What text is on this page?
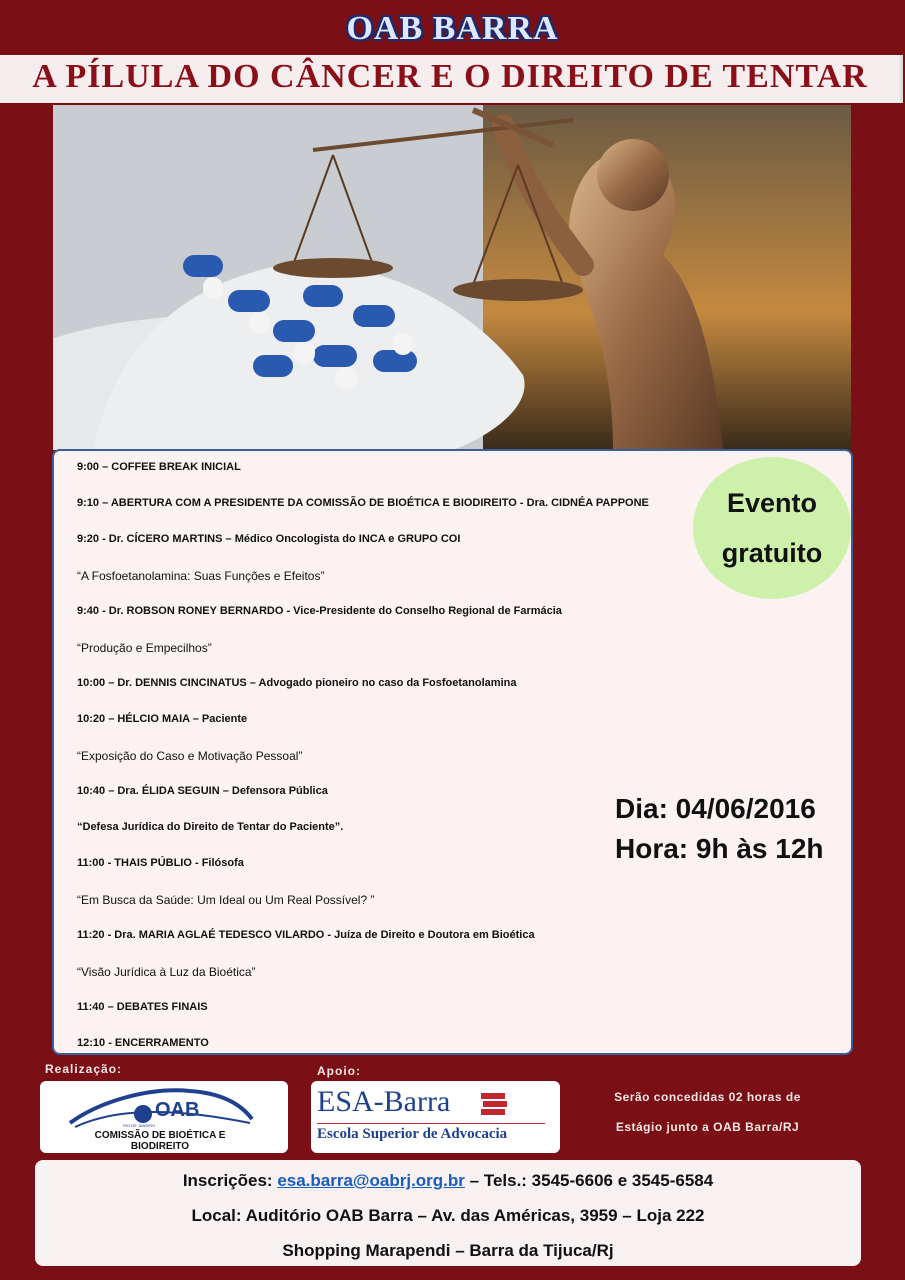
OAB BARRA
A PÍLULA DO CÂNCER E O DIREITO DE TENTAR
9:00 – COFFEE BREAK INICIAL
9:10 – ABERTURA COM A PRESIDENTE DA COMISSÃO DE BIOÉTICA E BIODIREITO - Dra. CIDNÉA PAPPONE
9:20 - Dr. CÍCERO MARTINS – Médico Oncologista do INCA e GRUPO COI
“A Fosfoetanolamina: Suas Funções e Efeitos”
9:40 - Dr. ROBSON RONEY BERNARDO - Vice-Presidente do Conselho Regional de Farmácia
“Produção e Empecilhos”
10:00 – Dr. DENNIS CINCINATUS – Advogado pioneiro no caso da Fosfoetanolamina
10:20 – HÉLCIO MAIA – Paciente
“Exposição do Caso e Motivação Pessoal”
10:40 – Dra. ÉLIDA SEGUIN – Defensora Pública
“Defesa Jurídica do Direito de Tentar do Paciente”.
11:00 - THAIS PÚBLIO - Filósofa
“Em Busca da Saúde: Um Ideal ou Um Real Possível? ”
11:20 - Dra. MARIA AGLAÉ TEDESCO VILARDO - Juíza de Direito e Doutora em Bioética
“Visão Jurídica à Luz da Bioética”
11:40 – DEBATES FINAIS
12:10 - ENCERRAMENTO
Evento
gratuito
Dia: 04/06/2016
Hora: 9h às 12h
Realização:	Apoio:
OAB
RIO DE JANEIRO
COMISSÃO DE BIOÉTICA E BIODIREITO
ESA-Barra
Escola Superior de Advocacia
Serão concedidas 02 horas de
Estágio junto a OAB Barra/RJ
Inscrições: esa.barra@oabrj.org.br – Tels.: 3545-6606 e 3545-6584
Local: Auditório OAB Barra – Av. das Américas, 3959 – Loja 222
Shopping Marapendi – Barra da Tijuca/Rj
